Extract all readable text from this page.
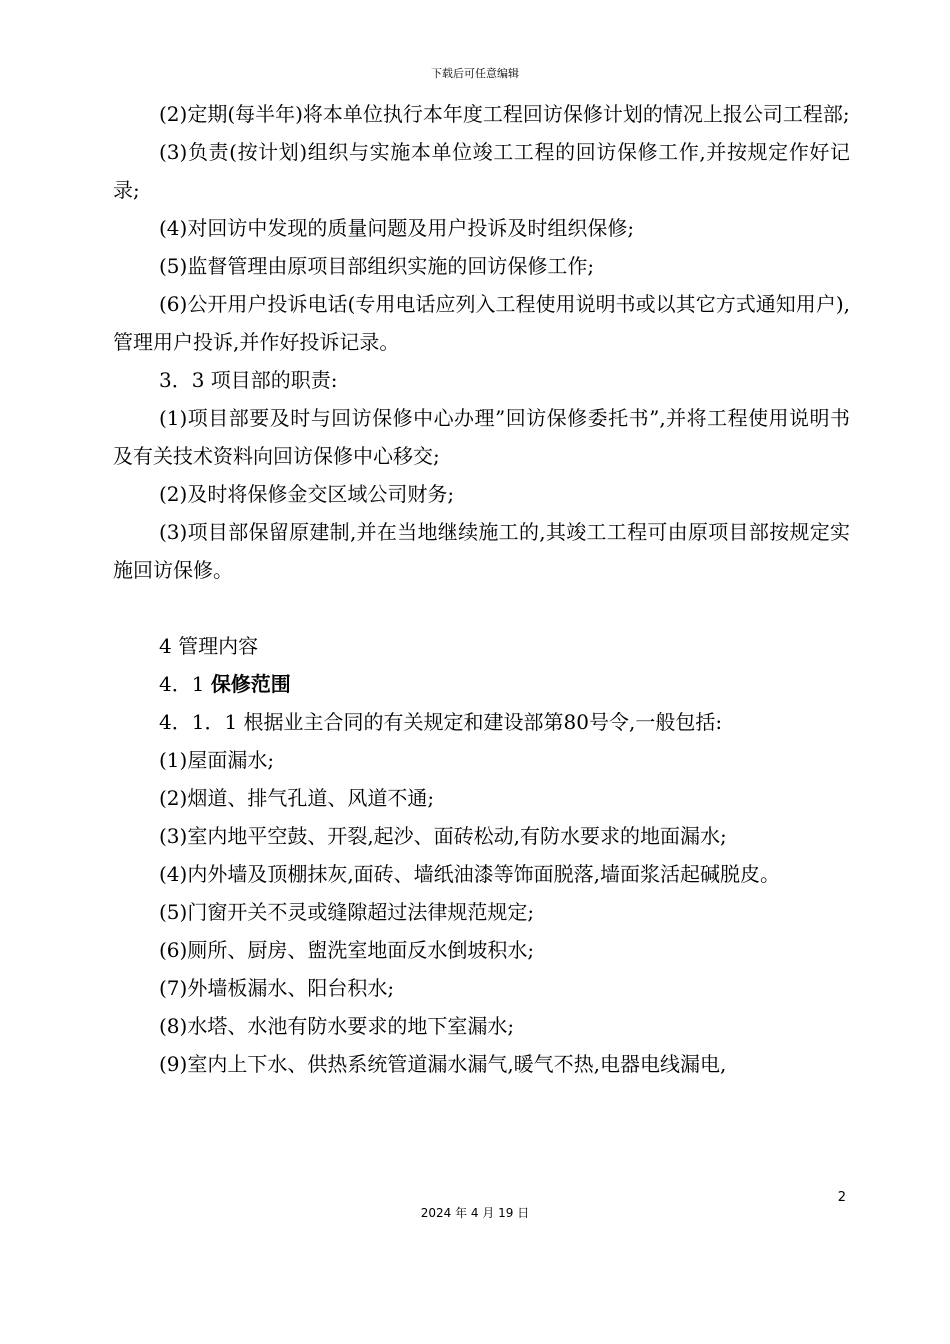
下载后可任意编辑

(2)定期(每半年)将本单位执行本年度工程回访保修计划的情况上报公司工程部;

(3)负责(按计划)组织与实施本单位竣工工程的回访保修工作,并按规定作好记录;

(4)对回访中发现的质量问题及用户投诉及时组织保修;

(5)监督管理由原项目部组织实施的回访保修工作;

(6)公开用户投诉电话(专用电话应列入工程使用说明书或以其它方式通知用户),管理用户投诉,并作好投诉记录。

3．3 项目部的职责:

(1)项目部要及时与回访保修中心办理”回访保修委托书”,并将工程使用说明书及有关技术资料向回访保修中心移交;

(2)及时将保修金交区域公司财务;

(3)项目部保留原建制,并在当地继续施工的,其竣工工程可由原项目部按规定实施回访保修。

4 管理内容

4．1 保修范围

4．1．1 根据业主合同的有关规定和建设部第80号令,一般包括:

(1)屋面漏水;

(2)烟道、排气孔道、风道不通;

(3)室内地平空鼓、开裂,起沙、面砖松动,有防水要求的地面漏水;

(4)内外墙及顶棚抹灰,面砖、墙纸油漆等饰面脱落,墙面浆活起碱脱皮。

(5)门窗开关不灵或缝隙超过法律规范规定;

(6)厕所、厨房、盥洗室地面反水倒坡积水;

(7)外墙板漏水、阳台积水;

(8)水塔、水池有防水要求的地下室漏水;

(9)室内上下水、供热系统管道漏水漏气,暖气不热,电器电线漏电,

2
2024 年 4 月 19 日
